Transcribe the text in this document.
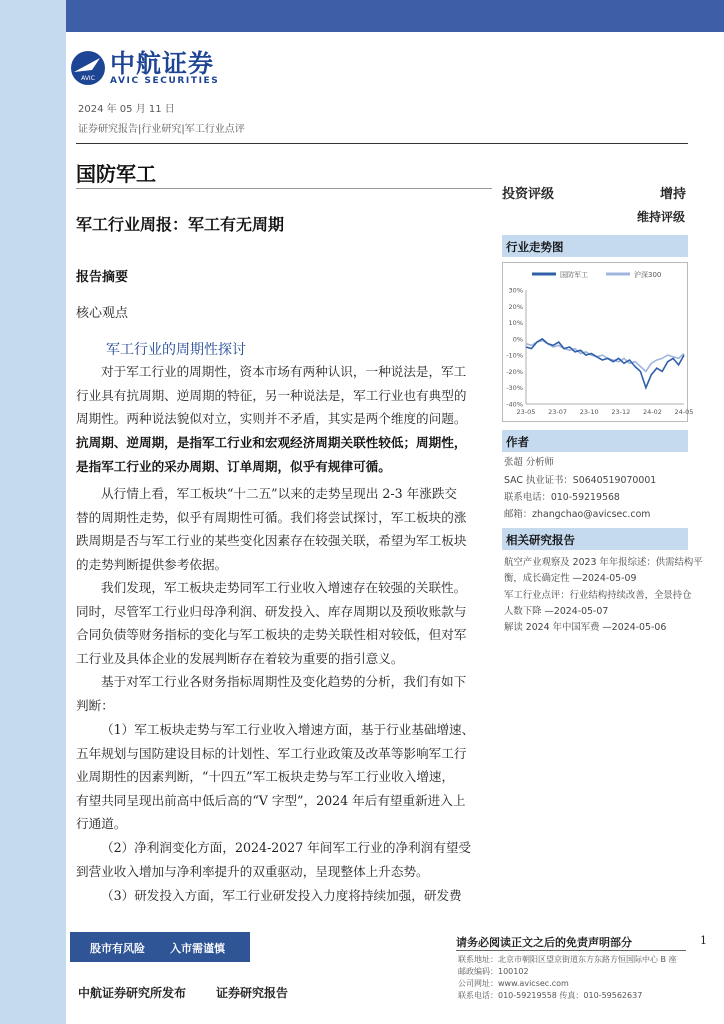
AVIC
中航证券
AVIC SECURITIES
2024 年 05 月 11 日
证券研究报告|行业研究|军工行业点评
国防军工
军工行业周报：军工有无周期
报告摘要
核心观点
军工行业的周期性探讨
对于军工行业的周期性，资本市场有两种认识，一种说法是，军工
行业具有抗周期、逆周期的特征，另一种说法是，军工行业也有典型的
周期性。两种说法貌似对立，实则并不矛盾，其实是两个维度的问题。
抗周期、逆周期，是指军工行业和宏观经济周期关联性较低；周期性，
是指军工行业的采办周期、订单周期，似乎有规律可循。
从行情上看，军工板块“十二五”以来的走势呈现出 2-3 年涨跌交
替的周期性走势，似乎有周期性可循。我们将尝试探讨，军工板块的涨
跌周期是否与军工行业的某些变化因素存在较强关联，希望为军工板块
的走势判断提供参考依据。
我们发现，军工板块走势同军工行业收入增速存在较强的关联性。
同时，尽管军工行业归母净利润、研发投入、库存周期以及预收账款与
合同负债等财务指标的变化与军工板块的走势关联性相对较低，但对军
工行业及具体企业的发展判断存在着较为重要的指引意义。
基于对军工行业各财务指标周期性及变化趋势的分析，我们有如下
判断：
（1）军工板块走势与军工行业收入增速方面，基于行业基础增速、
五年规划与国防建设目标的计划性、军工行业政策及改革等影响军工行
业周期性的因素判断，“十四五”军工板块走势与军工行业收入增速，
有望共同呈现出前高中低后高的“V 字型”，2024 年后有望重新进入上
行通道。
（2）净利润变化方面，2024-2027 年间军工行业的净利润有望受
到营业收入增加与净利率提升的双重驱动，呈现整体上升态势。
（3）研发投入方面，军工行业研发投入力度将持续加强，研发费
投资评级	增持
维持评级
行业走势图
国防军工	沪深300
30%
20%
10%
0%
-10%
-20%
-30%
-40%
23-05 23-07 23-10 23-12 24-02 24-05
作者
张超 分析师
SAC 执业证书：S0640519070001
联系电话：010-59219568
邮箱：zhangchao@avicsec.com
相关研究报告
航空产业观察及 2023 年年报综述：供需结构平
衡，成长确定性 —2024-05-09
军工行业点评：行业结构持续改善，全景持仓
人数下降 —2024-05-07
解读 2024 年中国军费 —2024-05-06
股市有风险 入市需谨慎	请务必阅读正文之后的免责声明部分	1
联系地址：北京市朝阳区望京街道东方东路方恒国际中心 B 座
邮政编码：100102
公司网址：www.avicsec.com
联系电话：010-59219558 传真：010-59562637
中航证券研究所发布 证券研究报告
